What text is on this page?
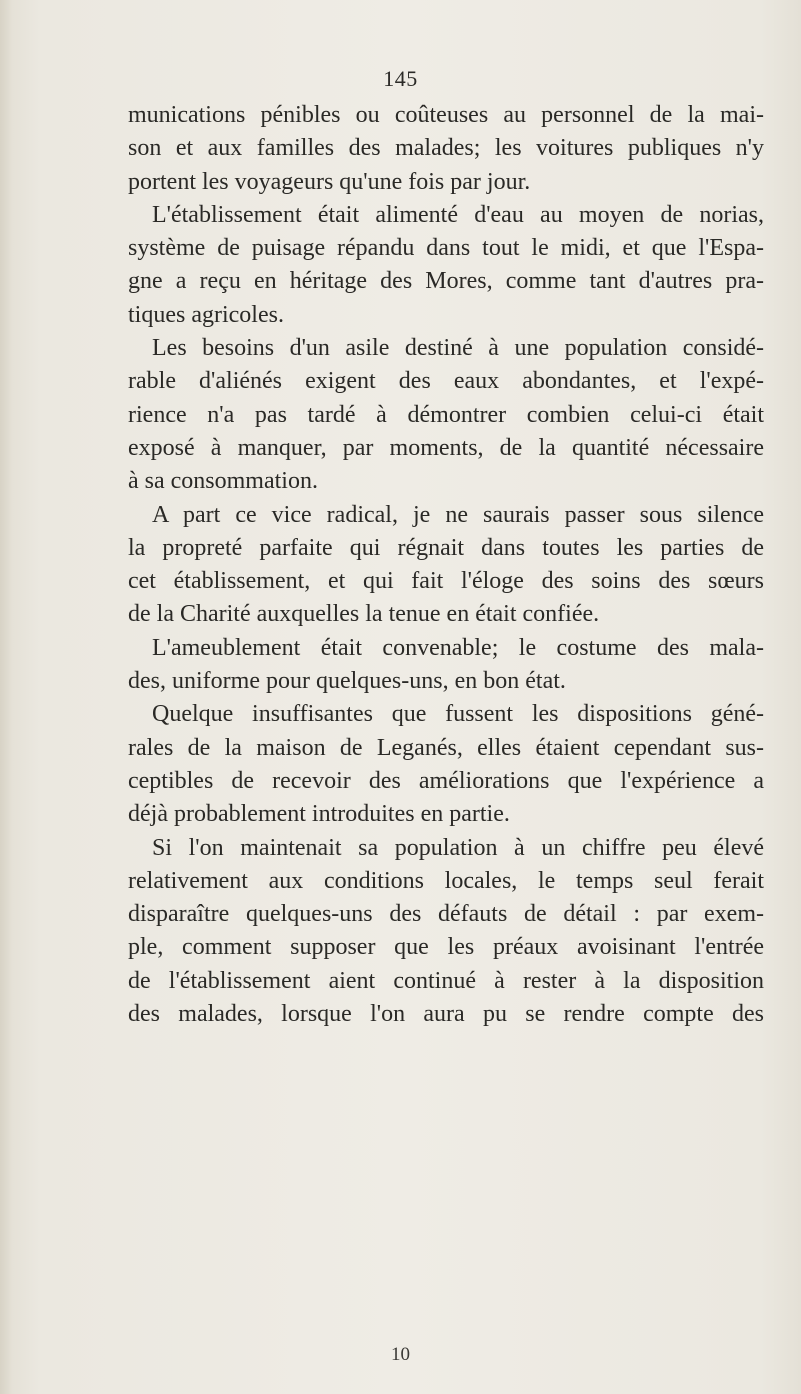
145
munications pénibles ou coûteuses au personnel de la mai-
son et aux familles des malades; les voitures publiques n'y
portent les voyageurs qu'une fois par jour.
L'établissement était alimenté d'eau au moyen de norias,
système de puisage répandu dans tout le midi, et que l'Espa-
gne a reçu en héritage des Mores, comme tant d'autres pra-
tiques agricoles.
Les besoins d'un asile destiné à une population considé-
rable d'aliénés exigent des eaux abondantes, et l'expé-
rience n'a pas tardé à démontrer combien celui-ci était
exposé à manquer, par moments, de la quantité nécessaire
à sa consommation.
A part ce vice radical, je ne saurais passer sous silence
la propreté parfaite qui régnait dans toutes les parties de
cet établissement, et qui fait l'éloge des soins des sœurs
de la Charité auxquelles la tenue en était confiée.
L'ameublement était convenable; le costume des mala-
des, uniforme pour quelques-uns, en bon état.
Quelque insuffisantes que fussent les dispositions géné-
rales de la maison de Leganés, elles étaient cependant sus-
ceptibles de recevoir des améliorations que l'expérience a
déjà probablement introduites en partie.
Si l'on maintenait sa population à un chiffre peu élevé
relativement aux conditions locales, le temps seul ferait
disparaître quelques-uns des défauts de détail : par exem-
ple, comment supposer que les préaux avoisinant l'entrée
de l'établissement aient continué à rester à la disposition
des malades, lorsque l'on aura pu se rendre compte des
10
